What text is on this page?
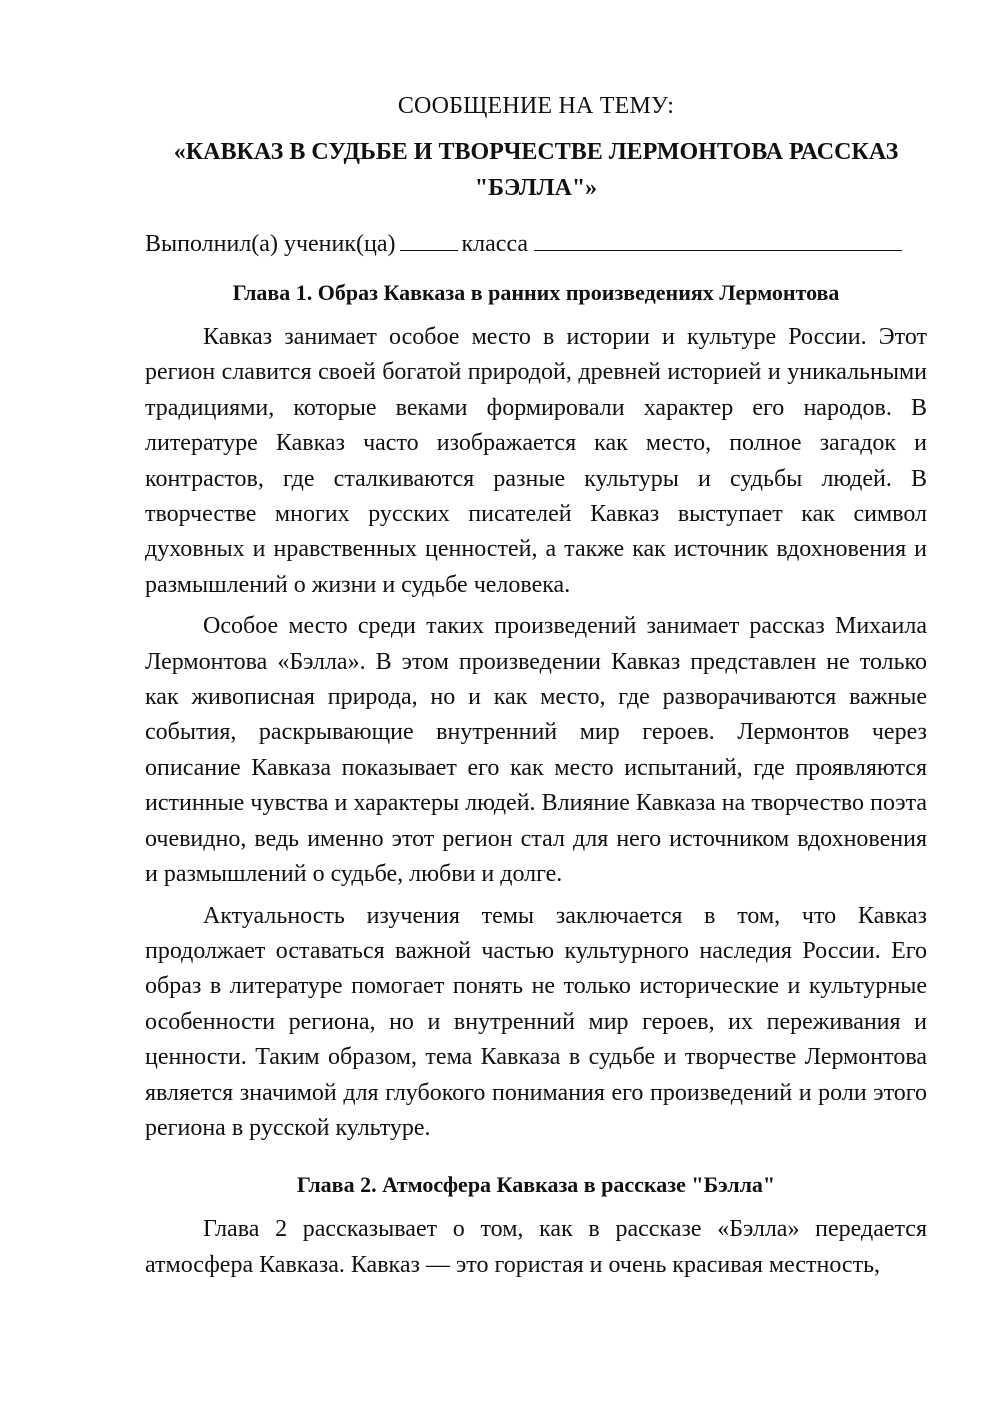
СООБЩЕНИЕ НА ТЕМУ:

«КАВКАЗ В СУДЬБЕ И ТВОРЧЕСТВЕ ЛЕРМОНТОВА РАССКАЗ
"БЭЛЛА"»

Выполнил(а) ученик(ца)	класса

Глава 1. Образ Кавказа в ранних произведениях Лермонтова

Кавказ занимает особое место в истории и культуре России. Этот регион славится своей богатой природой, древней историей и уникальными традициями, которые веками формировали характер его народов. В литературе Кавказ часто изображается как место, полное загадок и контрастов, где сталкиваются разные культуры и судьбы людей. В творчестве многих русских писателей Кавказ выступает как символ духовных и нравственных ценностей, а также как источник вдохновения и размышлений о жизни и судьбе человека.

Особое место среди таких произведений занимает рассказ Михаила Лермонтова «Бэлла». В этом произведении Кавказ представлен не только как живописная природа, но и как место, где разворачиваются важные события, раскрывающие внутренний мир героев. Лермонтов через описание Кавказа показывает его как место испытаний, где проявляются истинные чувства и характеры людей. Влияние Кавказа на творчество поэта очевидно, ведь именно этот регион стал для него источником вдохновения и размышлений о судьбе, любви и долге.

Актуальность изучения темы заключается в том, что Кавказ продолжает оставаться важной частью культурного наследия России. Его образ в литературе помогает понять не только исторические и культурные особенности региона, но и внутренний мир героев, их переживания и ценности. Таким образом, тема Кавказа в судьбе и творчестве Лермонтова является значимой для глубокого понимания его произведений и роли этого региона в русской культуре.

Глава 2. Атмосфера Кавказа в рассказе "Бэлла"

Глава 2 рассказывает о том, как в рассказе «Бэлла» передается атмосфера Кавказа. Кавказ — это гористая и очень красивая местность,
